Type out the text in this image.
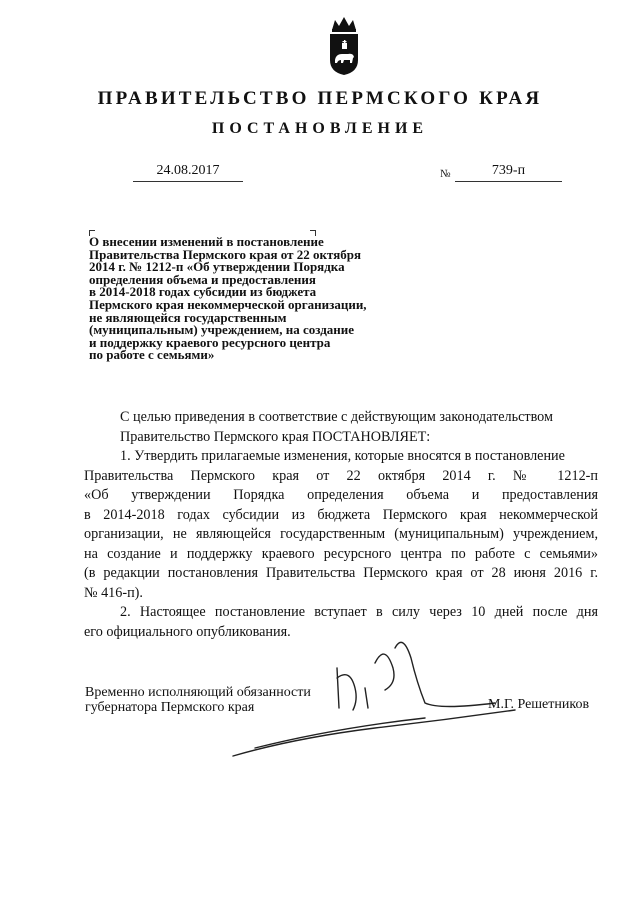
ПРАВИТЕЛЬСТВО ПЕРМСКОГО КРАЯ
ПОСТАНОВЛЕНИЕ
24.08.2017	№	739-п
О внесении изменений в постановление
Правительства Пермского края от 22 октября
2014 г. № 1212-п «Об утверждении Порядка
определения объема и предоставления
в 2014-2018 годах субсидии из бюджета
Пермского края некоммерческой организации,
не являющейся государственным
(муниципальным) учреждением, на создание
и поддержку краевого ресурсного центра
по работе с семьями»
С целью приведения в соответствие с действующим законодательством
Правительство Пермского края ПОСТАНОВЛЯЕТ:
1. Утвердить прилагаемые изменения, которые вносятся в постановление
Правительства Пермского края от 22 октября 2014 г. № 1212-п
«Об утверждении Порядка определения объема и предоставления
в 2014-2018 годах субсидии из бюджета Пермского края некоммерческой
организации, не являющейся государственным (муниципальным) учреждением,
на создание и поддержку краевого ресурсного центра по работе с семьями»
(в редакции постановления Правительства Пермского края от 28 июня 2016 г.
№ 416-п).
2. Настоящее постановление вступает в силу через 10 дней после дня
его официального опубликования.
Временно исполняющий обязанности
губернатора Пермского края	М.Г. Решетников
